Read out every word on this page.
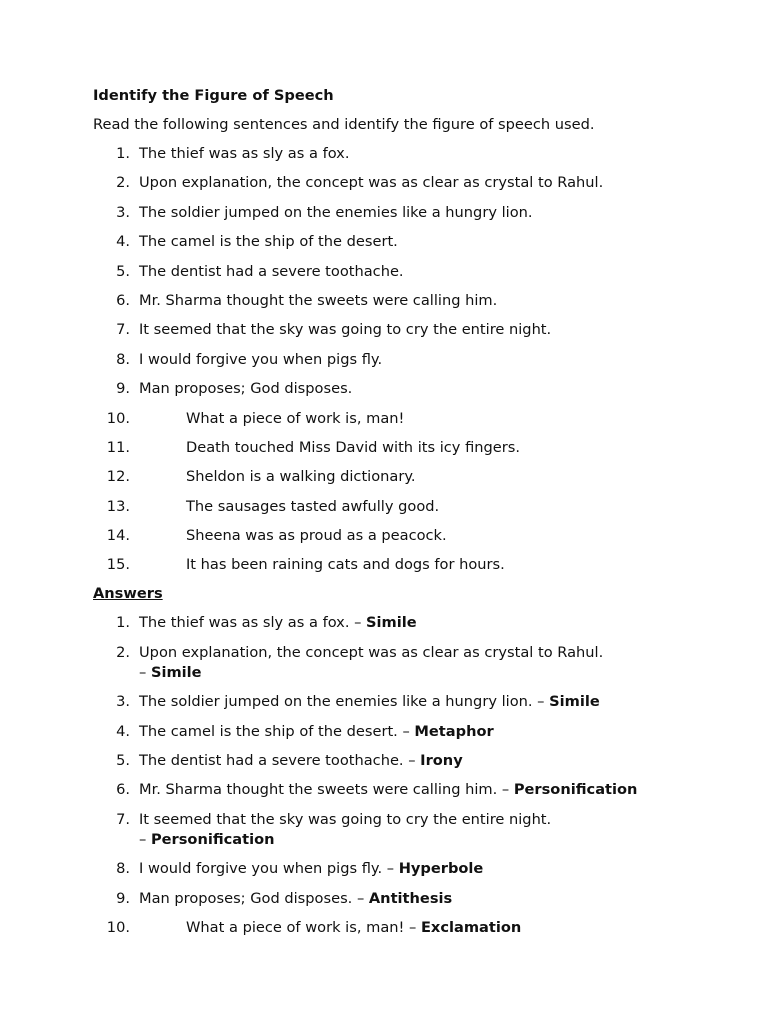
Identify the Figure of Speech

Read the following sentences and identify the figure of speech used.

1. The thief was as sly as a fox.
2. Upon explanation, the concept was as clear as crystal to Rahul.
3. The soldier jumped on the enemies like a hungry lion.
4. The camel is the ship of the desert.
5. The dentist had a severe toothache.
6. Mr. Sharma thought the sweets were calling him.
7. It seemed that the sky was going to cry the entire night.
8. I would forgive you when pigs fly.
9. Man proposes; God disposes.
10.	What a piece of work is, man!
11.	Death touched Miss David with its icy fingers.
12.	Sheldon is a walking dictionary.
13.	The sausages tasted awfully good.
14.	Sheena was as proud as a peacock.
15.	It has been raining cats and dogs for hours.

Answers

1. The thief was as sly as a fox. – Simile
2. Upon explanation, the concept was as clear as crystal to Rahul.
– Simile
3. The soldier jumped on the enemies like a hungry lion. – Simile
4. The camel is the ship of the desert. – Metaphor
5. The dentist had a severe toothache. – Irony
6. Mr. Sharma thought the sweets were calling him. – Personification
7. It seemed that the sky was going to cry the entire night.
– Personification
8. I would forgive you when pigs fly. – Hyperbole
9. Man proposes; God disposes. – Antithesis
10.	What a piece of work is, man! – Exclamation
